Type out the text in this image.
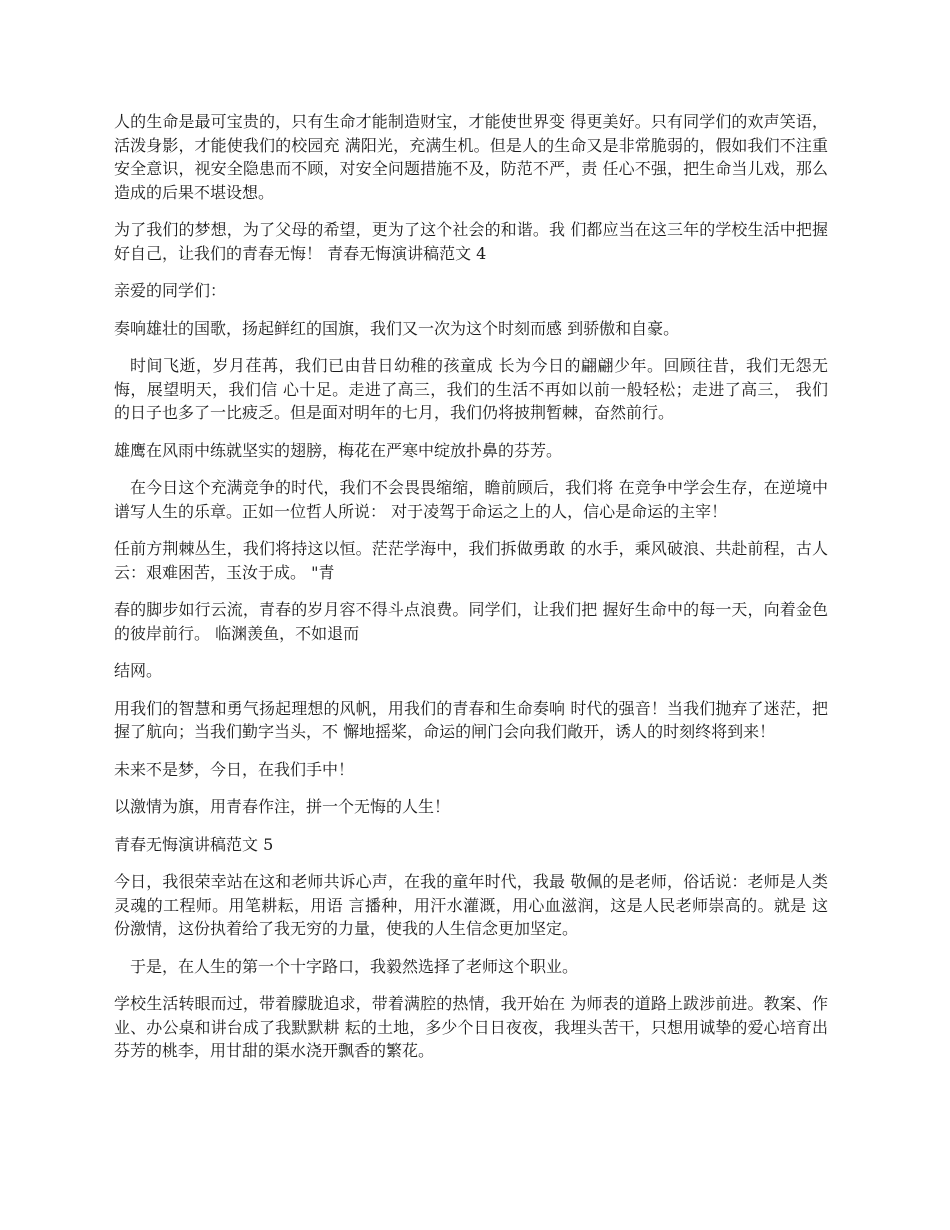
人的生命是最可宝贵的，只有生命才能制造财宝，才能使世界变 得更美好。只有同学们的欢声笑语，活泼身影，才能使我们的校园充 满阳光，充满生机。但是人的生命又是非常脆弱的，假如我们不注重 安全意识，视安全隐患而不顾，对安全问题措施不及，防范不严，责 任心不强，把生命当儿戏，那么造成的后果不堪设想。

为了我们的梦想，为了父母的希望，更为了这个社会的和谐。我 们都应当在这三年的学校生活中把握好自己，让我们的青春无悔！ 青春无悔演讲稿范文 4

亲爱的同学们：

奏响雄壮的国歌，扬起鲜红的国旗，我们又一次为这个时刻而感 到骄傲和自豪。

时间飞逝，岁月荏苒，我们已由昔日幼稚的孩童成 长为今日的翩翩少年。回顾往昔，我们无怨无悔，展望明天，我们信 心十足。走进了高三，我们的生活不再如以前一般轻松；走进了高三， 我们的日子也多了一比疲乏。但是面对明年的七月，我们仍将披荆暂棘，奋然前行。

雄鹰在风雨中练就坚实的翅膀，梅花在严寒中绽放扑鼻的芬芳。

在今日这个充满竞争的时代，我们不会畏畏缩缩，瞻前顾后，我们将 在竞争中学会生存，在逆境中谱写人生的乐章。正如一位哲人所说： 对于凌驾于命运之上的人，信心是命运的主宰！

任前方荆棘丛生，我们将持这以恒。茫茫学海中，我们拆做勇敢 的水手，乘风破浪、共赴前程，古人云：艰难困苦，玉汝于成。 "青

春的脚步如行云流，青春的岁月容不得斗点浪费。同学们，让我们把 握好生命中的每一天，向着金色的彼岸前行。 临渊羡鱼，不如退而

结网。

用我们的智慧和勇气扬起理想的风帆，用我们的青春和生命奏响 时代的强音！当我们抛弃了迷茫，把握了航向；当我们勤字当头，不 懈地摇桨，命运的闸门会向我们敞开，诱人的时刻终将到来！

未来不是梦，今日，在我们手中！

以激情为旗，用青春作注，拼一个无悔的人生！

青春无悔演讲稿范文 5

今日，我很荣幸站在这和老师共诉心声，在我的童年时代，我最 敬佩的是老师，俗话说：老师是人类灵魂的工程师。用笔耕耘，用语 言播种，用汗水灌溉，用心血滋润，这是人民老师崇高的。就是 这份激情，这份执着给了我无穷的力量，使我的人生信念更加坚定。

于是，在人生的第一个十字路口，我毅然选择了老师这个职业。

学校生活转眼而过，带着朦胧追求，带着满腔的热情，我开始在 为师表的道路上跋涉前进。教案、作业、办公桌和讲台成了我默默耕 耘的土地，多少个日日夜夜，我埋头苦干，只想用诚挚的爱心培育出 芬芳的桃李，用甘甜的渠水浇开飘香的繁花。
